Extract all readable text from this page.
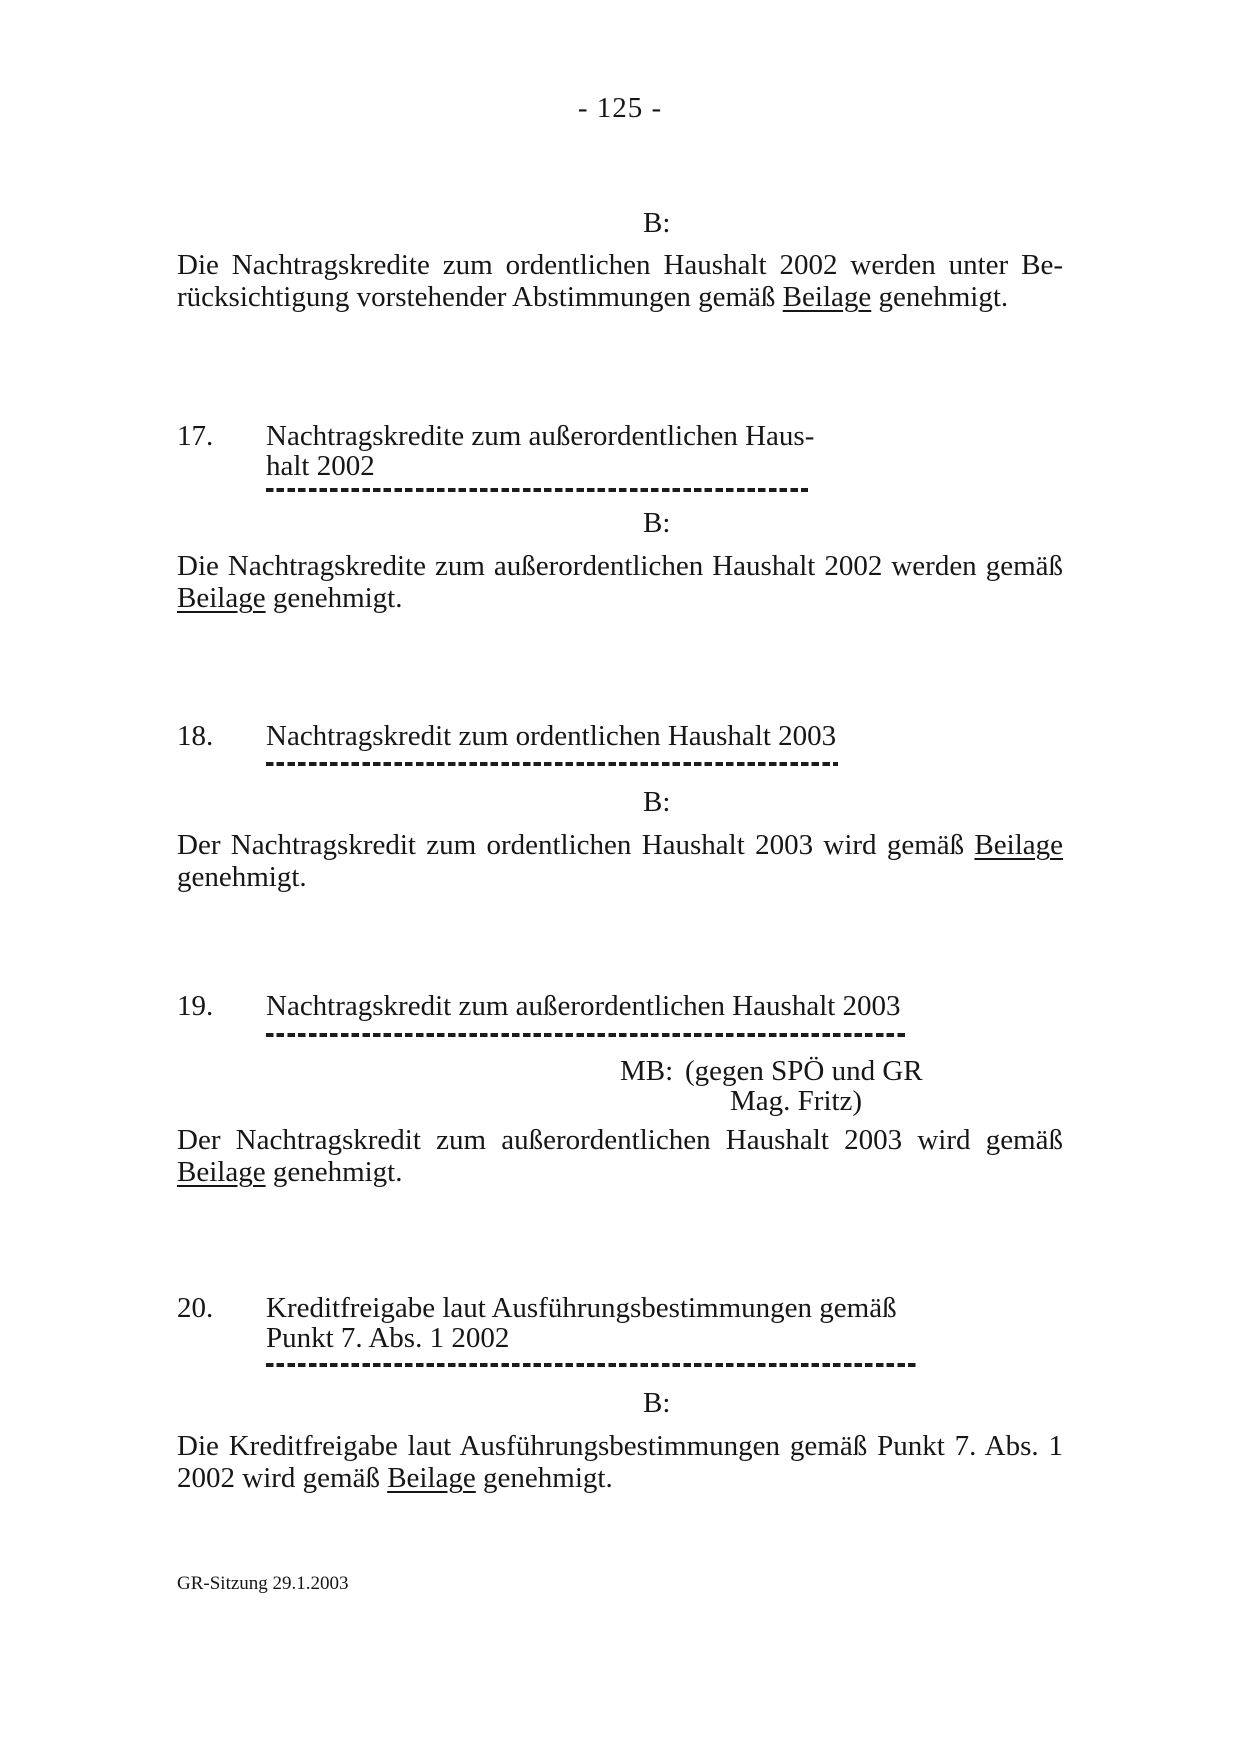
- 125 -
B:
Die Nachtragskredite zum ordentlichen Haushalt 2002 werden unter Be-
rücksichtigung vorstehender Abstimmungen gemäß Beilage genehmigt.
17. Nachtragskredite zum außerordentlichen Haus-
halt 2002
B:
Die Nachtragskredite zum außerordentlichen Haushalt 2002 werden gemäß
Beilage genehmigt.
18. Nachtragskredit zum ordentlichen Haushalt 2003
B:
Der Nachtragskredit zum ordentlichen Haushalt 2003 wird gemäß Beilage
genehmigt.
19. Nachtragskredit zum außerordentlichen Haushalt 2003
MB: (gegen SPÖ und GR
Mag. Fritz)
Der Nachtragskredit zum außerordentlichen Haushalt 2003 wird gemäß
Beilage genehmigt.
20. Kreditfreigabe laut Ausführungsbestimmungen gemäß
Punkt 7. Abs. 1 2002
B:
Die Kreditfreigabe laut Ausführungsbestimmungen gemäß Punkt 7. Abs. 1
2002 wird gemäß Beilage genehmigt.
GR-Sitzung 29.1.2003
